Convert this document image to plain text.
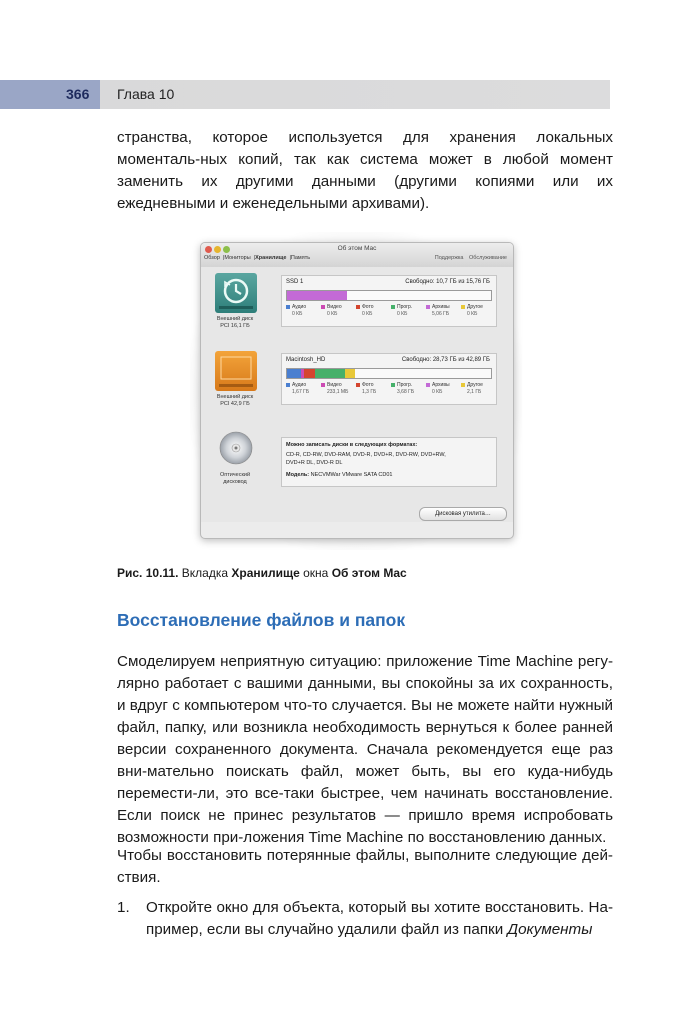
366 Глава 10

странства, которое используется для хранения локальных моменталь-ных копий, так как система может в любой момент заменить их другими данными (другими копиями или их ежедневными и еженедельными архивами).

Об этом Mac
Обзор |Мониторы |Хранилище |Память	Поддержка Обслуживание
Внешний диск
PCI 16,1 ГБ
SSD 1	Свободно: 10,7 ГБ из 15,76 ГБ
Аудио
0 КБ
Видео
0 КБ
Фото
0 КБ
Прогр.
0 КБ
Архивы
5,06 ГБ
Другое
0 КБ
Внешний диск
PCI 42,9 ГБ
Macintosh_HD	Свободно: 28,73 ГБ из 42,89 ГБ
Аудио
1,67 ГБ
Видео
233,1 МБ
Фото
1,3 ГБ
Прогр.
3,68 ГБ
Архивы
0 КБ
Другое
2,1 ГБ
Оптический
дисковод
Можно записать диски в следующих форматах:
CD-R, CD-RW, DVD-RAM, DVD-R, DVD+R, DVD-RW, DVD+RW,
DVD+R DL, DVD-R DL
Модель: NECVMWar VMware SATA CD01
Дисковая утилита…
Рис. 10.11. Вкладка Хранилище окна Об этом Mac
Восстановление файлов и папок

Смоделируем неприятную ситуацию: приложение Time Machine регу-лярно работает с вашими данными, вы спокойны за их сохранность, и вдруг с компьютером что-то случается. Вы не можете найти нужный файл, папку, или возникла необходимость вернуться к более ранней версии сохраненного документа. Сначала рекомендуется еще раз вни-мательно поискать файл, может быть, вы его куда-нибудь перемести-ли, это все-таки быстрее, чем начинать восстановление. Если поиск не принес результатов — пришло время испробовать возможности при-ложения Time Machine по восстановлению данных.

Чтобы восстановить потерянные файлы, выполните следующие дей-ствия.

1. Откройте окно для объекта, который вы хотите восстановить. На-пример, если вы случайно удалили файл из папки Документы
